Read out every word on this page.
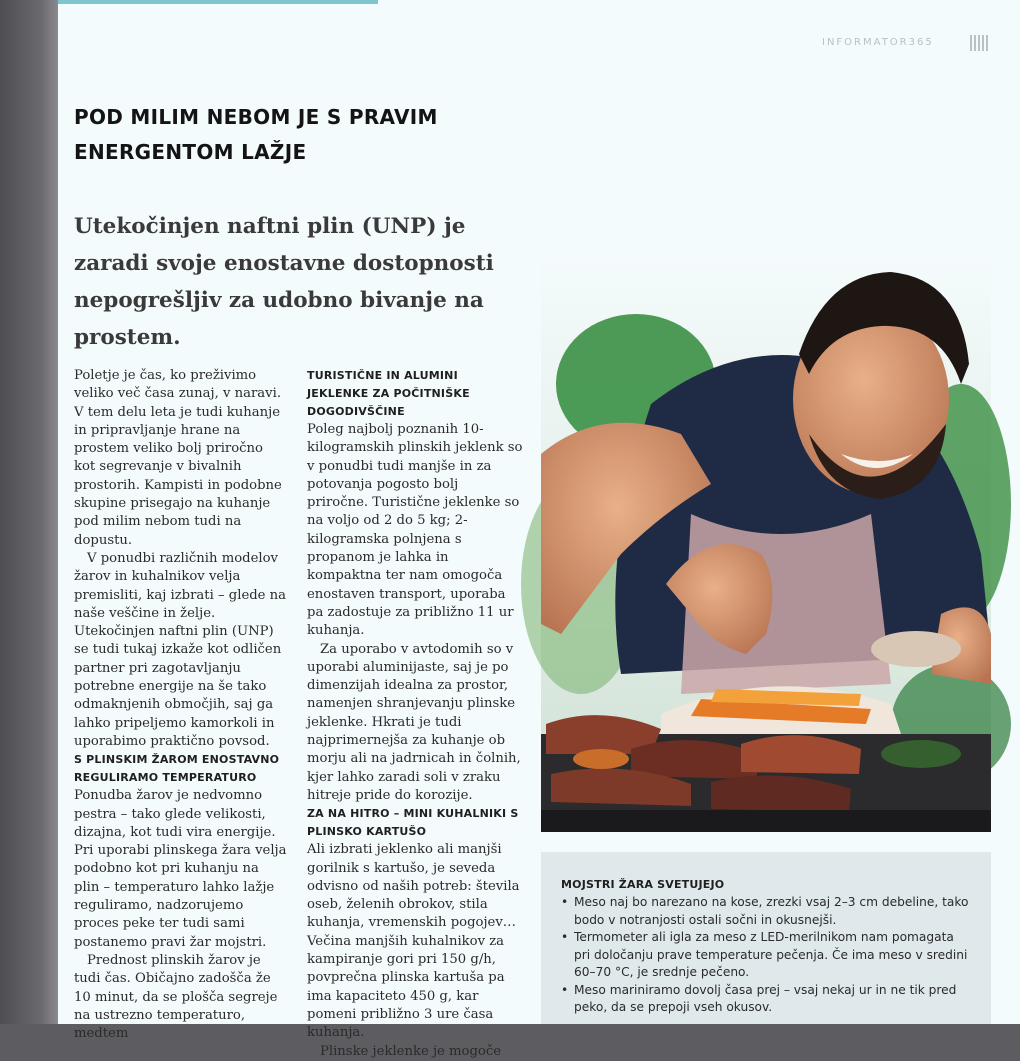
INFORMATOR365
POD MILIM NEBOM JE S PRAVIM
ENERGENTOM LAŽJE

Utekočinjen naftni plin (UNP) je
zaradi svoje enostavne dostopnosti
nepogrešljiv za udobno bivanje na
prostem.

Poletje je čas, ko preživimo veliko več časa zunaj, v naravi. V tem delu leta je tudi kuhanje in pripravljanje hrane na prostem veliko bolj priročno kot segrevanje v bivalnih prostorih. Kampisti in podobne skupine prisegajo na kuhanje pod milim nebom tudi na dopustu.

V ponudbi različnih modelov žarov in kuhalnikov velja premisliti, kaj izbrati – glede na naše veščine in želje. Utekočinjen naftni plin (UNP) se tudi tukaj izkaže kot odličen partner pri zagotavljanju potrebne energije na še tako odmaknjenih območjih, saj ga lahko pripeljemo kamorkoli in uporabimo praktično povsod.

S PLINSKIM ŽAROM ENOSTAVNO REGULIRAMO TEMPERATURO

Ponudba žarov je nedvomno pestra – tako glede velikosti, dizajna, kot tudi vira energije. Pri uporabi plinskega žara velja podobno kot pri kuhanju na plin – temperaturo lahko lažje reguliramo, nadzorujemo proces peke ter tudi sami postanemo pravi žar mojstri.

Prednost plinskih žarov je tudi čas. Običajno zadošča že 10 minut, da se plošča segreje na ustrezno temperaturo, medtem

TURISTIČNE IN ALUMINI JEKLENKE ZA POČITNIŠKE DOGODIVŠČINE

Poleg najbolj poznanih 10-kilogramskih plinskih jeklenk so v ponudbi tudi manjše in za potovanja pogosto bolj priročne. Turistične jeklenke so na voljo od 2 do 5 kg; 2-kilogramska polnjena s propanom je lahka in kompaktna ter nam omogoča enostaven transport, uporaba pa zadostuje za približno 11 ur kuhanja.

Za uporabo v avtodomih so v uporabi aluminijaste, saj je po dimenzijah idealna za prostor, namenjen shranjevanju plinske jeklenke. Hkrati je tudi najprimernejša za kuhanje ob morju ali na jadrnicah in čolnih, kjer lahko zaradi soli v zraku hitreje pride do korozije.

ZA NA HITRO – MINI KUHALNIKI S PLINSKO KARTUŠO

Ali izbrati jeklenko ali manjši gorilnik s kartušo, je seveda odvisno od naših potreb: števila oseb, želenih obrokov, stila kuhanja, vremenskih pogojev… Večina manjših kuhalnikov za kampiranje gori pri 150 g/h, povprečna plinska kartuša pa ima kapaciteto 450 g, kar pomeni približno 3 ure časa kuhanja.

Plinske jeklenke je mogoče

MOJSTRI ŽARA SVETUJEJO

• Meso naj bo narezano na kose, zrezki vsaj 2–3 cm debeline, tako bodo v notranjosti ostali sočni in okusnejši.
• Termometer ali igla za meso z LED-merilnikom nam pomagata pri določanju prave temperature pečenja. Če ima meso v sredini 60–70 °C, je srednje pečeno.
• Meso mariniramo dovolj časa prej – vsaj nekaj ur in ne tik pred peko, da se prepoji vseh okusov.
